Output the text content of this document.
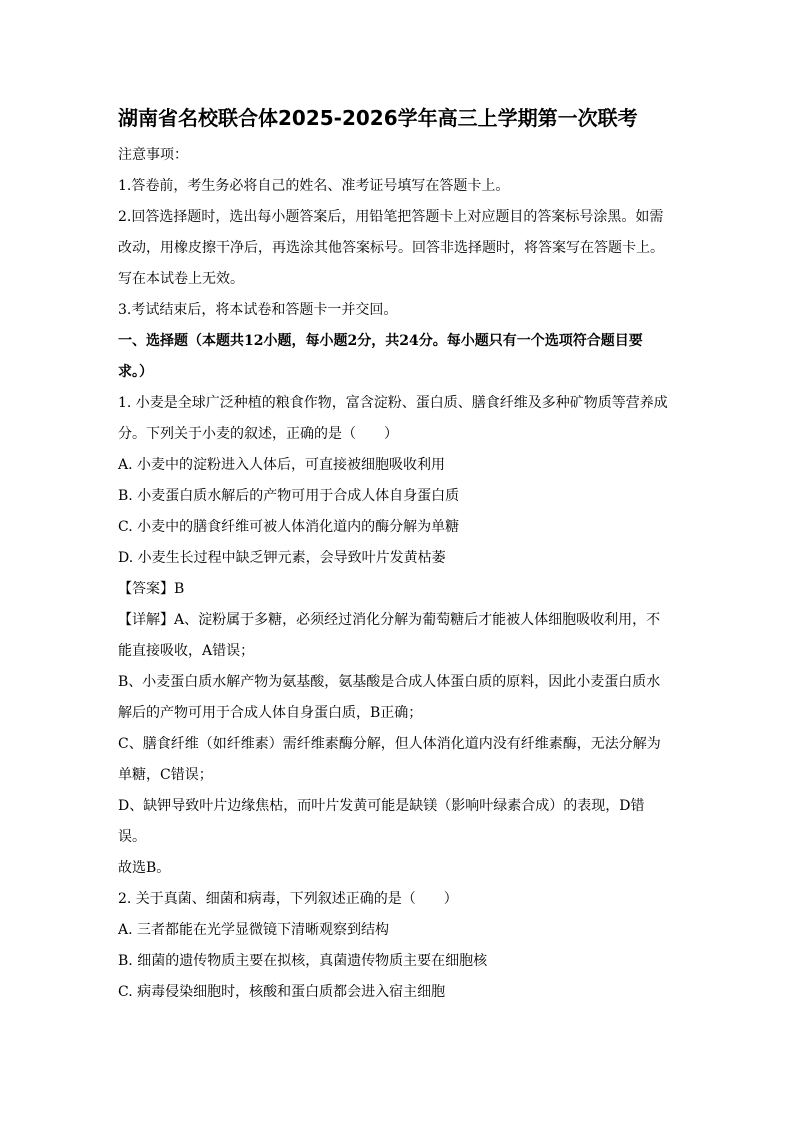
湖南省名校联合体2025-2026学年高三上学期第一次联考

注意事项：

1.答卷前，考生务必将自己的姓名、准考证号填写在答题卡上。

2.回答选择题时，选出每小题答案后，用铅笔把答题卡上对应题目的答案标号涂黑。如需

改动，用橡皮擦干净后，再选涂其他答案标号。回答非选择题时，将答案写在答题卡上。

写在本试卷上无效。

3.考试结束后，将本试卷和答题卡一并交回。

一、选择题（本题共12小题，每小题2分，共24分。每小题只有一个选项符合题目要

求。）

1. 小麦是全球广泛种植的粮食作物，富含淀粉、蛋白质、膳食纤维及多种矿物质等营养成

分。下列关于小麦的叙述，正确的是（　　）

A. 小麦中的淀粉进入人体后，可直接被细胞吸收利用

B. 小麦蛋白质水解后的产物可用于合成人体自身蛋白质

C. 小麦中的膳食纤维可被人体消化道内的酶分解为单糖

D. 小麦生长过程中缺乏钾元素，会导致叶片发黄枯萎

【答案】B

【详解】A、淀粉属于多糖，必须经过消化分解为葡萄糖后才能被人体细胞吸收利用，不

能直接吸收，A错误；

B、小麦蛋白质水解产物为氨基酸，氨基酸是合成人体蛋白质的原料，因此小麦蛋白质水

解后的产物可用于合成人体自身蛋白质，B正确；

C、膳食纤维（如纤维素）需纤维素酶分解，但人体消化道内没有纤维素酶，无法分解为

单糖，C错误；

D、缺钾导致叶片边缘焦枯，而叶片发黄可能是缺镁（影响叶绿素合成）的表现，D错

误。

故选B。

2. 关于真菌、细菌和病毒，下列叙述正确的是（　　）

A. 三者都能在光学显微镜下清晰观察到结构

B. 细菌的遗传物质主要在拟核，真菌遗传物质主要在细胞核

C. 病毒侵染细胞时，核酸和蛋白质都会进入宿主细胞
